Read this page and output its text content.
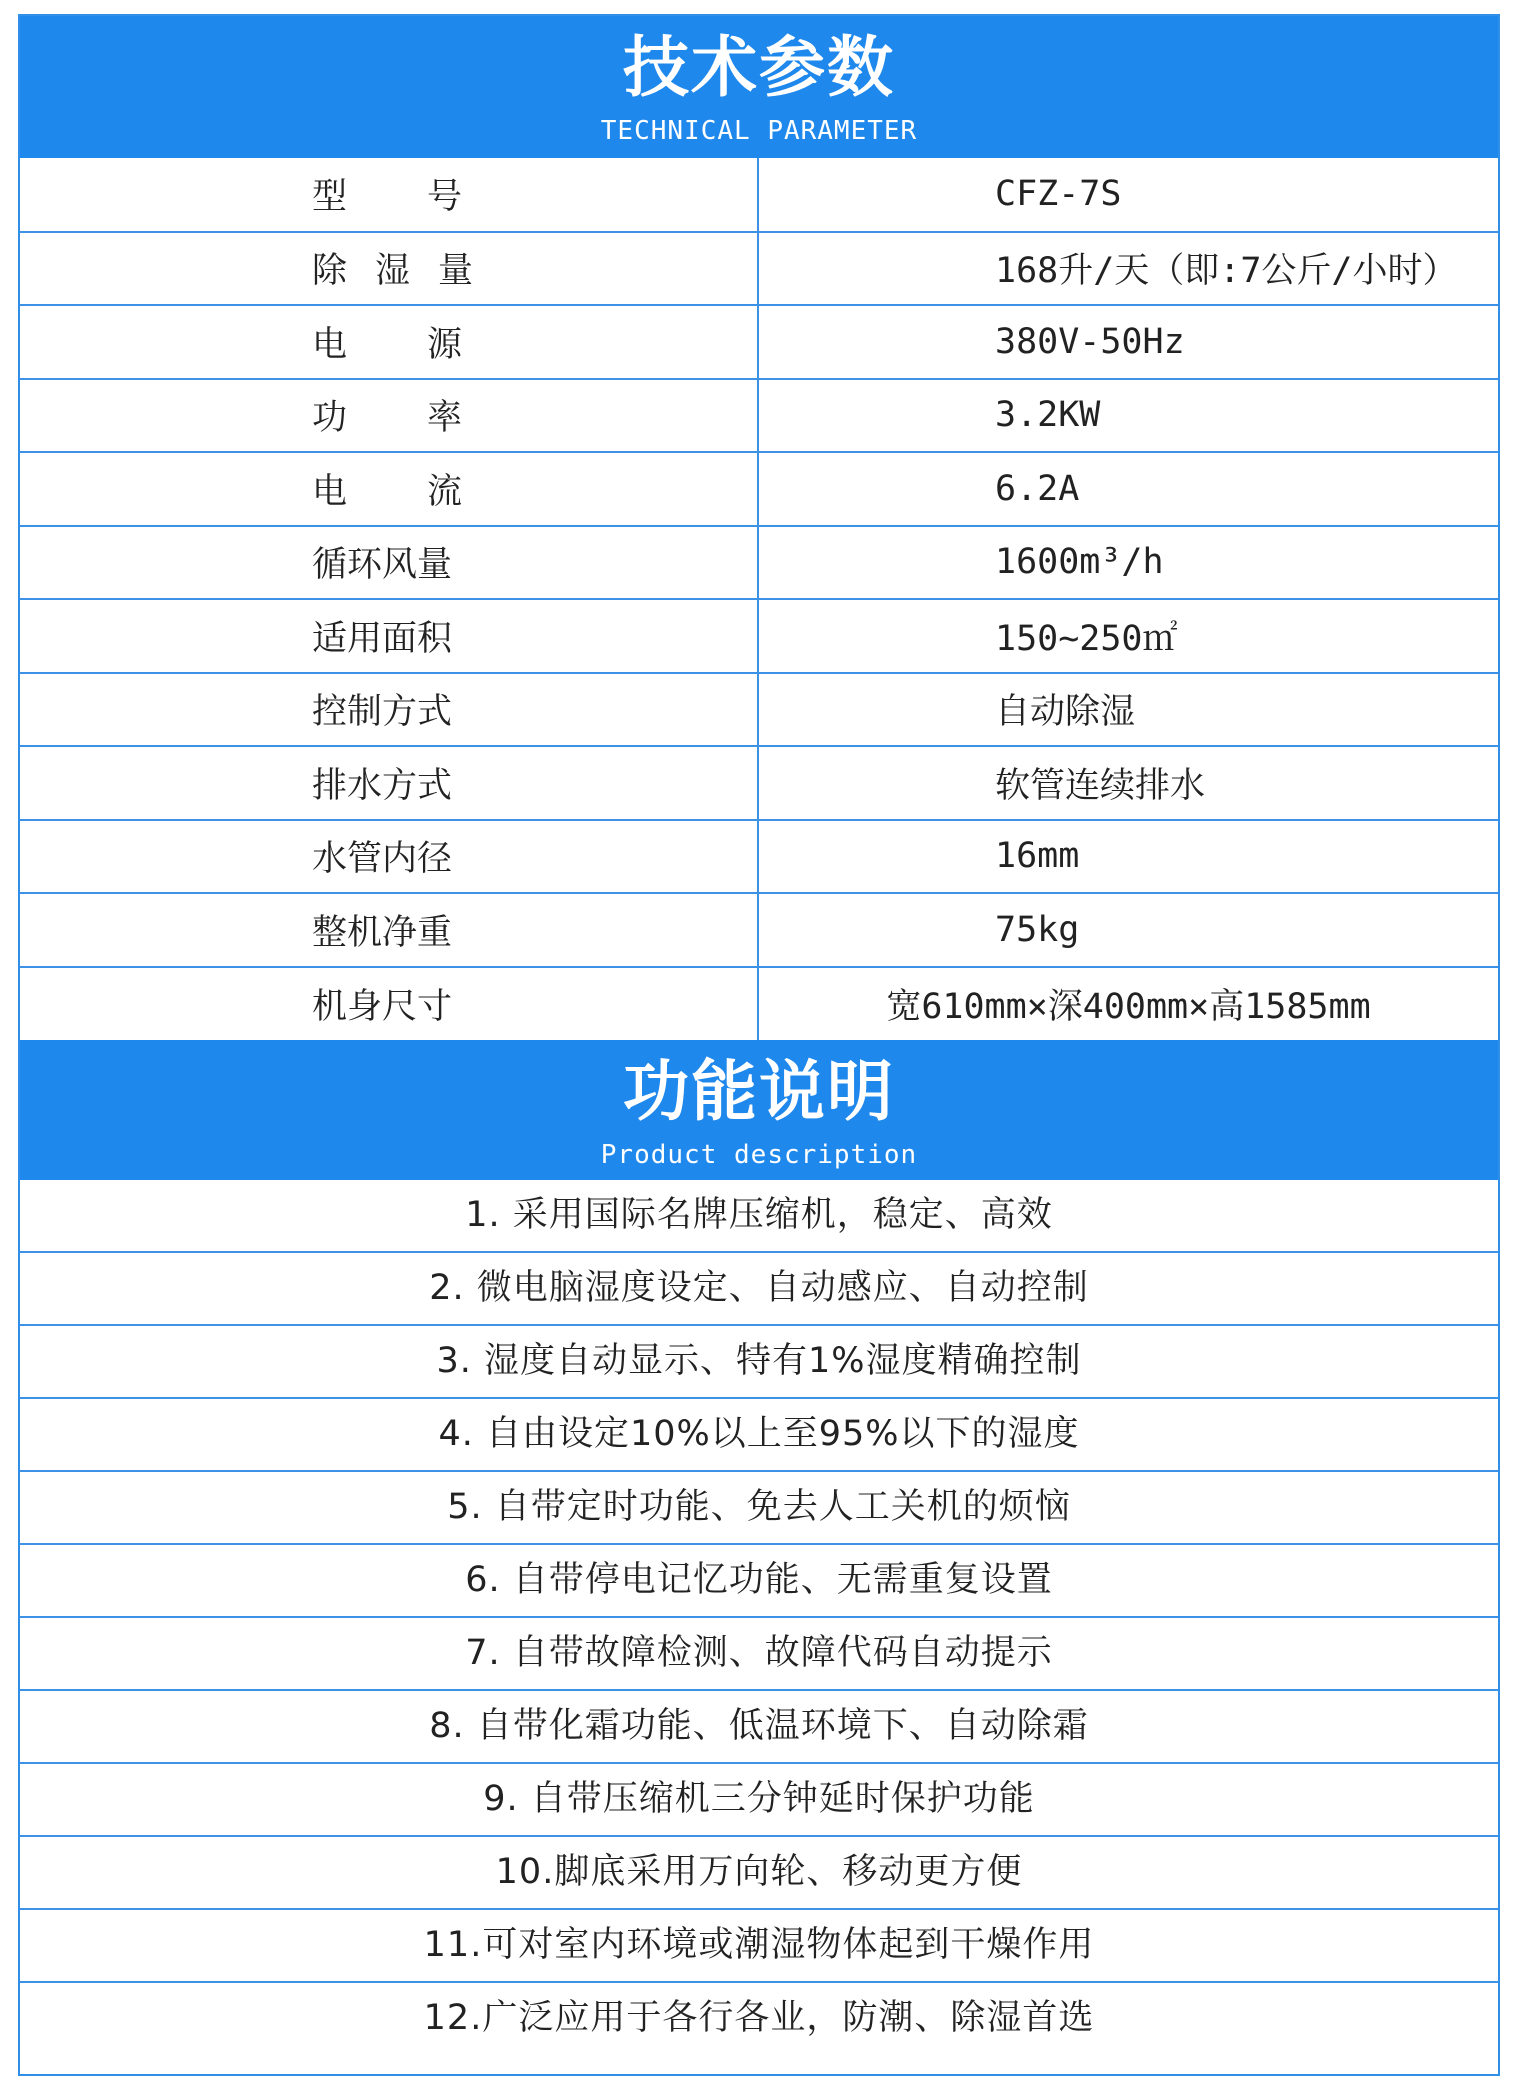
技术参数
TECHNICAL PARAMETER
型号	CFZ-7S
除湿量	168升/天（即:7公斤/小时）
电源	380V-50Hz
功率	3.2KW
电流	6.2A
循环风量	1600m³/h
适用面积	150~250㎡
控制方式	自动除湿
排水方式	软管连续排水
水管内径	16mm
整机净重	75kg
机身尺寸	宽610mm×深400mm×高1585mm
功能说明
Product description
1. 采用国际名牌压缩机，稳定、高效
2. 微电脑湿度设定、自动感应、自动控制
3. 湿度自动显示、特有1%湿度精确控制
4. 自由设定10%以上至95%以下的湿度
5. 自带定时功能、免去人工关机的烦恼
6. 自带停电记忆功能、无需重复设置
7. 自带故障检测、故障代码自动提示
8. 自带化霜功能、低温环境下、自动除霜
9. 自带压缩机三分钟延时保护功能
10.脚底采用万向轮、移动更方便
11.可对室内环境或潮湿物体起到干燥作用
12.广泛应用于各行各业，防潮、除湿首选
